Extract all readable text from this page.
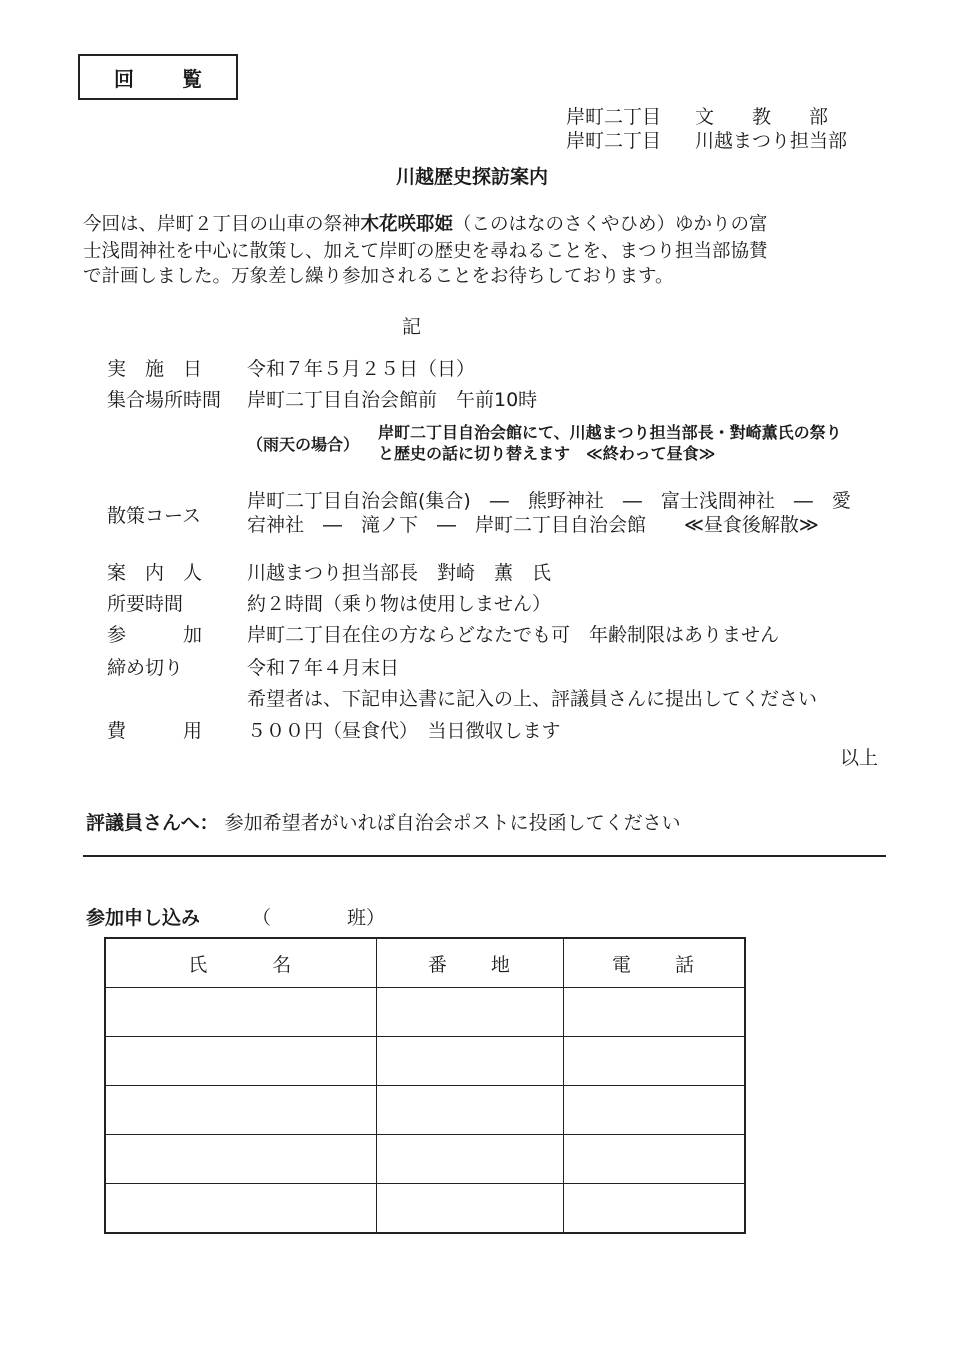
回　覧
岸町二丁目 文　　教　　部
岸町二丁目 川越まつり担当部
川越歴史探訪案内
今回は、岸町２丁目の山車の祭神木花咲耶姫（このはなのさくやひめ）ゆかりの富
士浅間神社を中心に散策し、加えて岸町の歴史を尋ねることを、まつり担当部協賛
で計画しました。万象差し繰り参加されることをお待ちしております。
記
実　施　日 令和７年５月２５日（日）
集合場所時間 岸町二丁目自治会館前　午前10時
（雨天の場合）
岸町二丁目自治会館にて、川越まつり担当部長・對崎薫氏の祭り
と歴史の話に切り替えます　≪終わって昼食≫
散策コース
岸町二丁目自治会館(集合)　―　熊野神社　―　富士浅間神社　―　愛
宕神社　―　滝ノ下　―　岸町二丁目自治会館　　≪昼食後解散≫
案　内　人 川越まつり担当部長　對崎　薫　氏
所要時間	約２時間（乗り物は使用しません）
参　　　加 岸町二丁目在住の方ならどなたでも可　年齢制限はありません
締め切り	令和７年４月末日
希望者は、下記申込書に記入の上、評議員さんに提出してください
費　　　用 ５００円（昼食代）　当日徴収します
以上
評議員さんへ： 参加希望者がいれば自治会ポストに投函してください
参加申し込み	（　　　　班）
氏　　　名	番　　地	電　　話
